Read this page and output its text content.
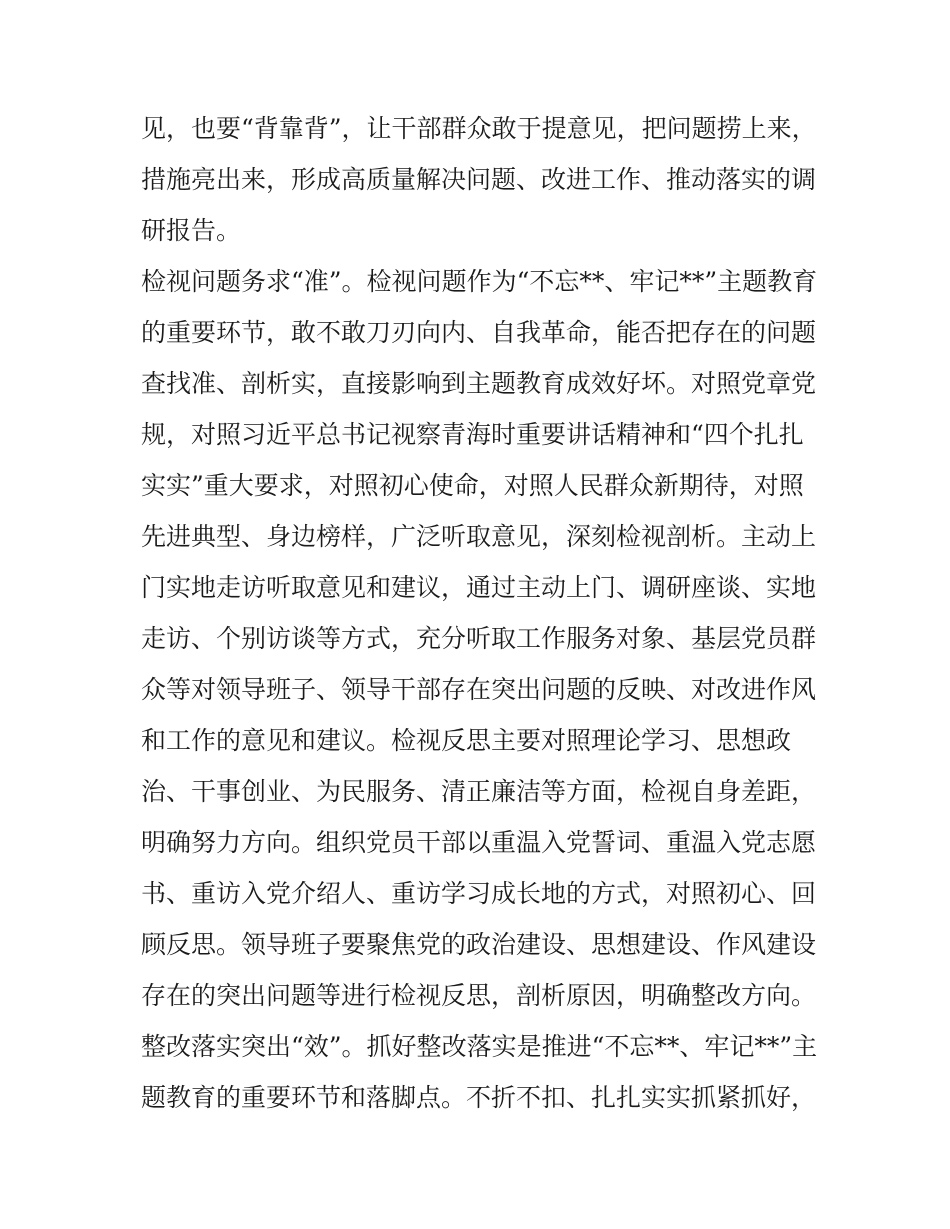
见，也要“背靠背”，让干部群众敢于提意见，把问题捞上来，
措施亮出来，形成高质量解决问题、改进工作、推动落实的调
研报告。
检视问题务求“准”。检视问题作为“不忘**、牢记**”主题教育
的重要环节，敢不敢刀刃向内、自我革命，能否把存在的问题
查找准、剖析实，直接影响到主题教育成效好坏。对照党章党
规，对照习近平总书记视察青海时重要讲话精神和“四个扎扎
实实”重大要求，对照初心使命，对照人民群众新期待，对照
先进典型、身边榜样，广泛听取意见，深刻检视剖析。主动上
门实地走访听取意见和建议，通过主动上门、调研座谈、实地
走访、个别访谈等方式，充分听取工作服务对象、基层党员群
众等对领导班子、领导干部存在突出问题的反映、对改进作风
和工作的意见和建议。检视反思主要对照理论学习、思想政
治、干事创业、为民服务、清正廉洁等方面，检视自身差距，
明确努力方向。组织党员干部以重温入党誓词、重温入党志愿
书、重访入党介绍人、重访学习成长地的方式，对照初心、回
顾反思。领导班子要聚焦党的政治建设、思想建设、作风建设
存在的突出问题等进行检视反思，剖析原因，明确整改方向。
整改落实突出“效”。抓好整改落实是推进“不忘**、牢记**”主
题教育的重要环节和落脚点。不折不扣、扎扎实实抓紧抓好，
